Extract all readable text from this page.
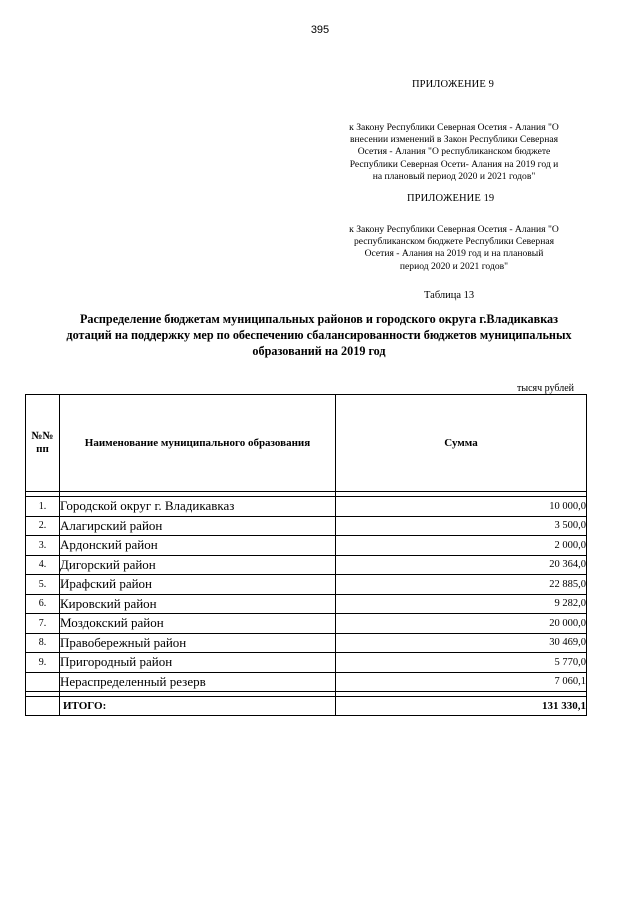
395
ПРИЛОЖЕНИЕ 9
к Закону Республики Северная Осетия - Алания "О
внесении изменений в Закон Республики Северная
Осетия - Алания "О республиканском бюджете
Республики Северная Осети- Алания на 2019 год и
на плановый период 2020 и 2021 годов"
ПРИЛОЖЕНИЕ 19
к Закону Республики Северная Осетия - Алания "О
республиканском бюджете Республики Северная
Осетия - Алания на 2019 год и на плановый
период 2020 и 2021 годов"
Таблица 13
Распределение бюджетам муниципальных районов и городского округа г.Владикавказ
дотаций на поддержку мер по обеспечению сбалансированности бюджетов муниципальных
образований на 2019 год
тысяч рублей
№№
пп	Наименование муниципального образования	Сумма

1.	Городской округ г. Владикавказ	10 000,0
2.	Алагирский район	3 500,0
3.	Ардонский район	2 000,0
4.	Дигорский район	20 364,0
5.	Ирафский район	22 885,0
6.	Кировский район	9 282,0
7.	Моздокский район	20 000,0
8.	Правобережный район	30 469,0
9.	Пригородный район	5 770,0
	Нераспределенный резерв	7 060,1

	ИТОГО:	131 330,1
